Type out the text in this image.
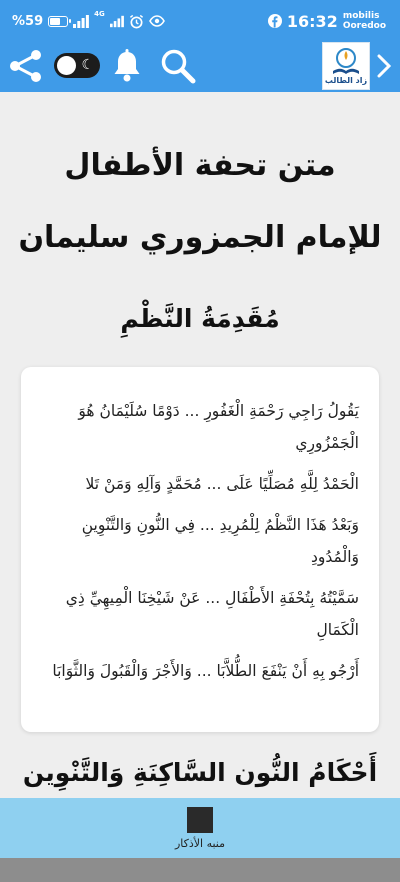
%59	4G	16:32 mobilis
Ooredoo
☾
زاد الطالب
متن تحفة الأطفال
للإمام الجمزوري سليمان
مُقَدِمَةُ النَّظْمِ
يَقُولُ رَاجِي رَحْمَةِ الْغَفُورِ ... دَوْمًا سُلَيْمَانُ هُوَ الْجَمْزُورِي
الْحَمْدُ لِلَّهِ مُصَلِّيًا عَلَى ... مُحَمَّدٍ وَآلِهِ وَمَنْ تَلا
وَبَعْدُ هَذَا النَّظْمُ لِلْمُرِيدِ ... فِي النُّونِ وَالتَّنْوِينِ وَالْمُدُودِ
سَمَّيْتُهُ بِتُحْفَةِ الأَطْفَالِ ... عَنْ شَيْخِنَا الْمِيهِيِّ ذِي الْكَمَالِ
أَرْجُو بِهِ أَنْ يَنْفَعَ الطُّلاَّبَا ... وَالأَجْرَ وَالْقَبُولَ وَالثَّوَابَا
أَحْكَامُ النُّون السَّاكِنَةِ وَالتَّنْوِين
منبه الأذكار
